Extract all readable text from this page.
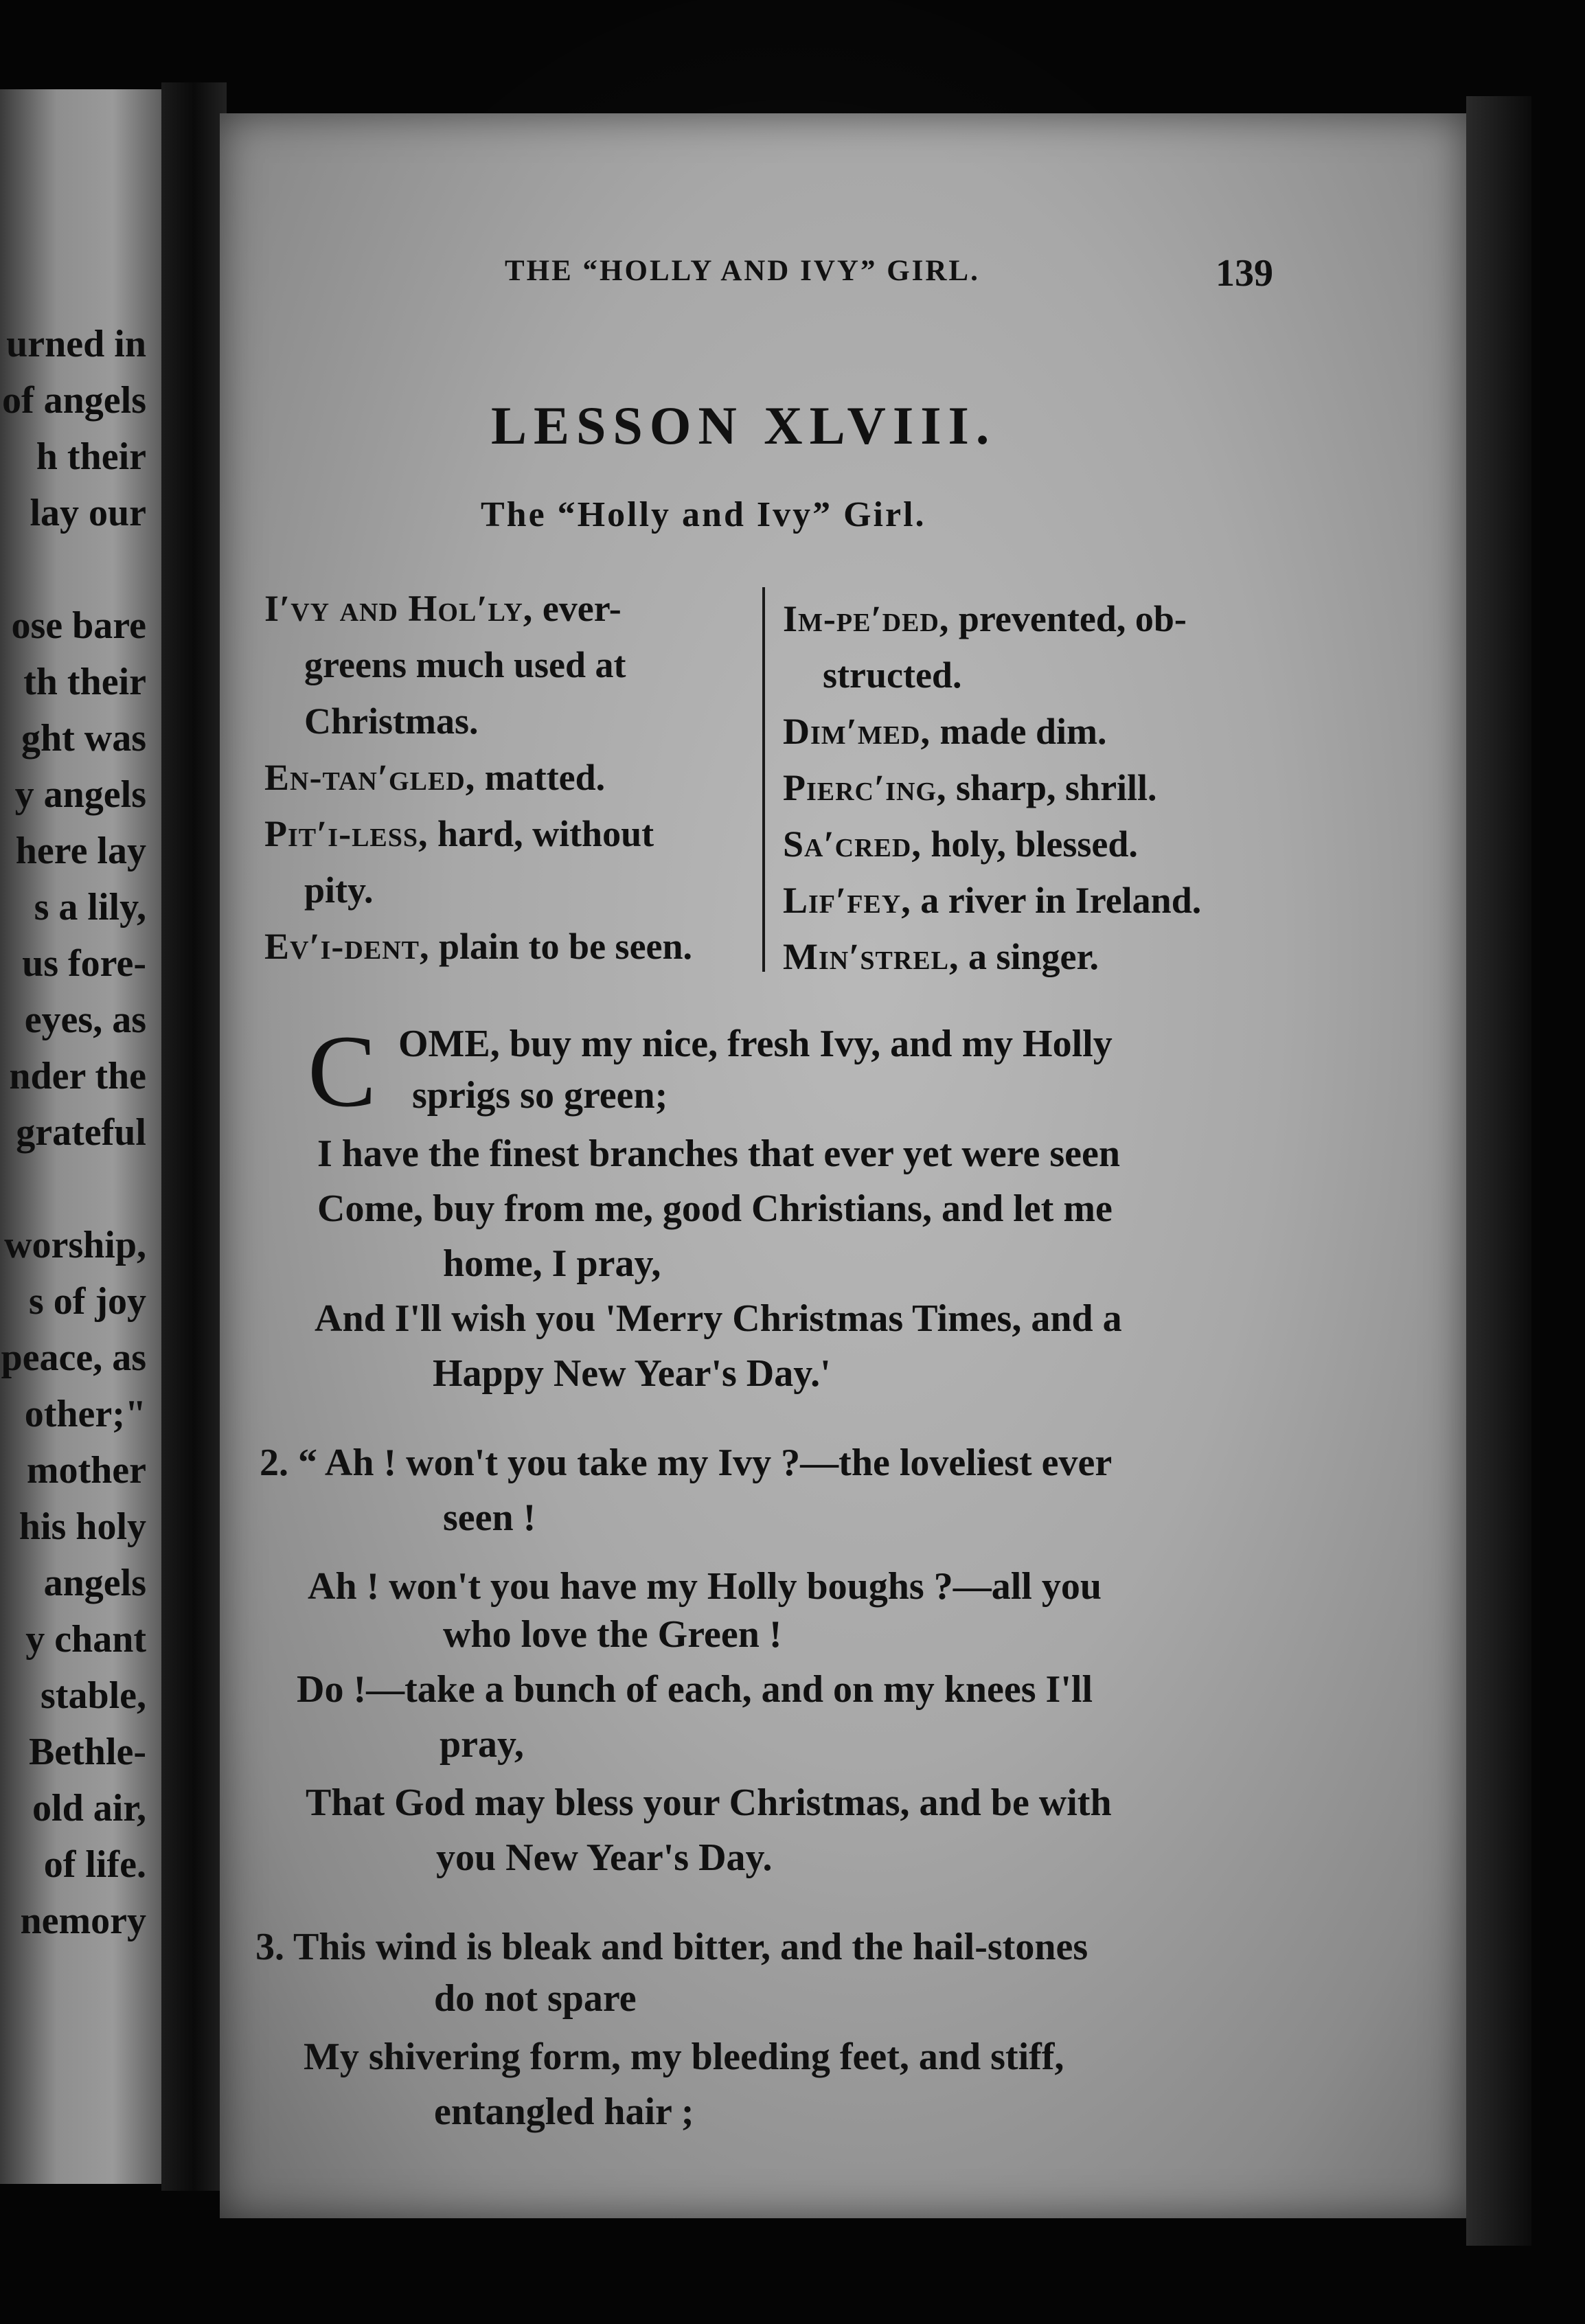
urned in
of angels
h their
lay our

ose bare
th their
ght was
y angels
here lay
s a lily,
us fore-
eyes, as
nder the
grateful

worship,
s of joy
peace, as
other;"
mother
his holy
angels
y chant
stable,
Bethle-
old air,
of life.
nemory
THE “HOLLY AND IVY” GIRL.	139
LESSON XLVIII.
The “Holly and Ivy” Girl.
I′vy and Hol′ly, ever-
greens much used at Christmas.
En-tan′gled, matted.
Pit′i-less, hard, without
pity.
Ev′i-dent, plain to be seen.
Im-pe′ded, prevented, ob-
structed.
Dim′med, made dim.
Pierc′ing, sharp, shrill.
Sa′cred, holy, blessed.
Lif′fey, a river in Ireland.
Min′strel, a singer.
C OME, buy my nice, fresh Ivy, and my Holly
sprigs so green;
I have the finest branches that ever yet were seen
Come, buy from me, good Christians, and let me
home, I pray,
And I'll wish you 'Merry Christmas Times, and a
Happy New Year's Day.'
2. “ Ah ! won't you take my Ivy ?—the loveliest ever
seen !
Ah ! won't you have my Holly boughs ?—all you
who love the Green !
Do !—take a bunch of each, and on my knees I'll
pray,
That God may bless your Christmas, and be with
you New Year's Day.
3. This wind is bleak and bitter, and the hail-stones
do not spare
My shivering form, my bleeding feet, and stiff,
entangled hair ;
